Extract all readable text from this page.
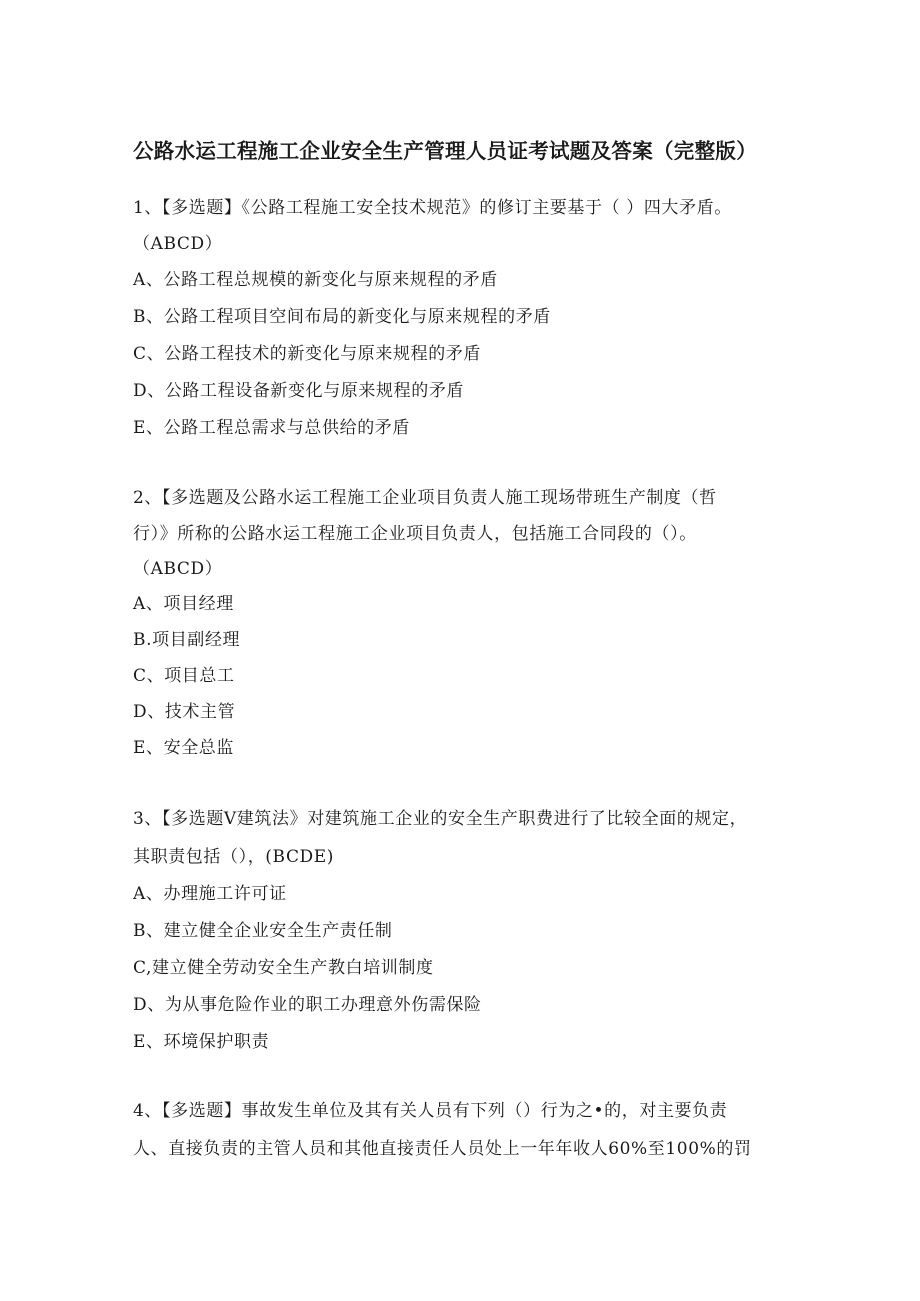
公路水运工程施工企业安全生产管理人员证考试题及答案（完整版）
1、【多选题】《公路工程施工安全技术规范》的修订主要基于（ ）四大矛盾。
（ABCD）
A、公路工程总规模的新变化与原来规程的矛盾
B、公路工程项目空间布局的新变化与原来规程的矛盾
C、公路工程技术的新变化与原来规程的矛盾
D、公路工程设备新变化与原来规程的矛盾
E、公路工程总需求与总供给的矛盾
2、【多选题及公路水运工程施工企业项目负责人施工现场带班生产制度（哲
行）》所称的公路水运工程施工企业项目负责人，包括施工合同段的（）。
（ABCD）
A、项目经理
B.项目副经理
C、项目总工
D、技术主管
E、安全总监
3、【多选题V建筑法》对建筑施工企业的安全生产职费进行了比较全面的规定，
其职责包括（），(BCDE)
A、办理施工许可证
B、建立健全企业安全生产责任制
C,建立健全劳动安全生产教白培训制度
D、为从事危险作业的职工办理意外伤需保险
E、环境保护职责
4、【多选题】事故发生单位及其有关人员有下列（）行为之•的，对主要负责
人、直接负责的主管人员和其他直接责任人员处上一年年收人60%至100%的罚
